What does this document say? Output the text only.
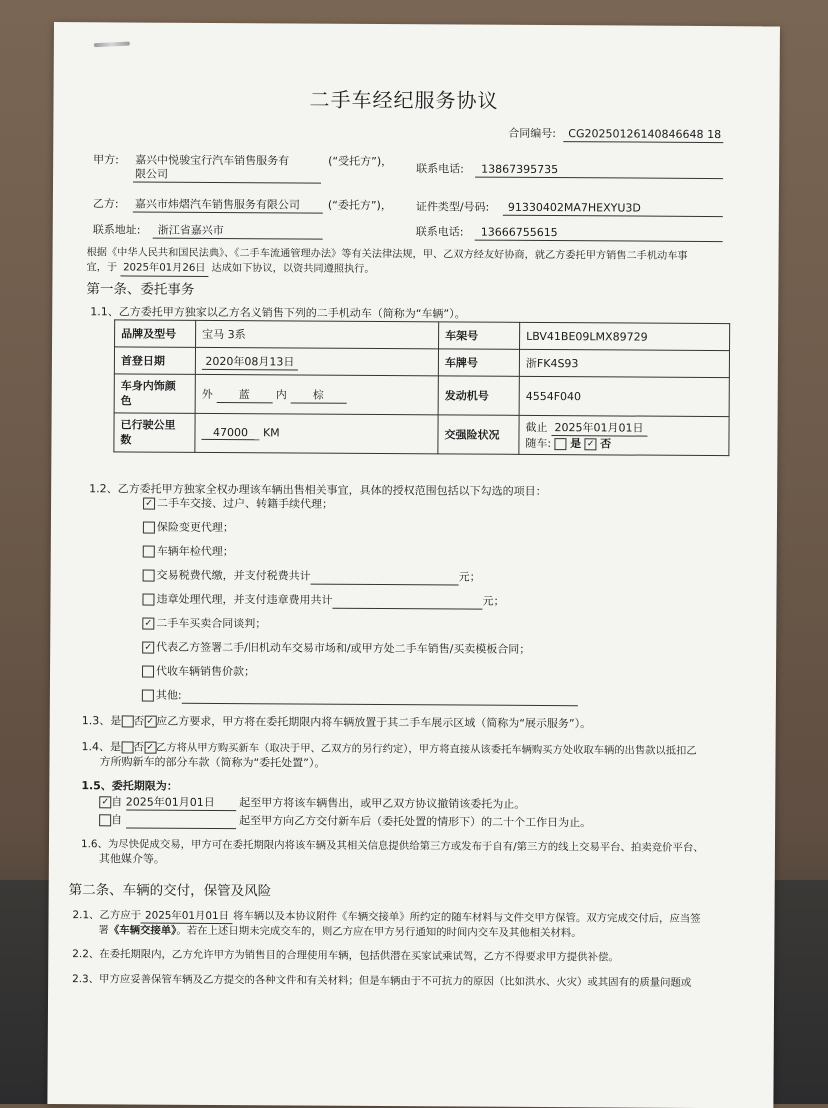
二手车经纪服务协议
合同编号: CG20250126140846648 18
甲方: 嘉兴中悦骏宝行汽车销售服务有	(“受托方”)，
限公司	联系电话: 13867395735
乙方: 嘉兴市炜熠汽车销售服务有限公司	(“委托方”)， 证件类型/号码: 91330402MA7HEXYU3D
联系地址: 浙江省嘉兴市	联系电话: 13666755615
根据《中华人民共和国民法典》、《二手车流通管理办法》等有关法律法规，甲、乙双方经友好协商，就乙方委托甲方销售二手机动车事
宜，于 2025年01月26日 达成如下协议，以资共同遵照执行。
第一条、委托事务
1.1、乙方委托甲方独家以乙方名义销售下列的二手机动车（简称为“车辆”）。
品牌及型号	宝马 3系	车架号	LBV41BE09LMX89729
首登日期	2020年08月13日	车牌号	浙FK4S93
车身内饰颜
色	外 蓝 内 棕	发动机号	4554F040
已行驶公里
数	47000 KM	交强险状况	截止 2025年01月01日
随车: 是 ✓ 否
1.2、乙方委托甲方独家全权办理该车辆出售相关事宜，具体的授权范围包括以下勾选的项目：
✓ 二手车交接、过户、转籍手续代理；
保险变更代理；
车辆年检代理；
交易税费代缴，并支付税费共计	元；
违章处理代理，并支付违章费用共计	元；
✓ 二手车买卖合同谈判；
✓ 代表乙方签署二手/旧机动车交易市场和/或甲方处二手车销售/买卖模板合同；
代收车辆销售价款；
其他:
1.3、是 否 ✓ 应乙方要求，甲方将在委托期限内将车辆放置于其二手车展示区域（简称为“展示服务”）。
1.4、是 否 ✓ 乙方将从甲方购买新车（取决于甲、乙双方的另行约定），甲方将直接从该委托车辆购买方处收取车辆的出售款以抵扣乙
方所购新车的部分车款（简称为“委托处置”）。
1.5、委托期限为：
✓ 自 2025年01月01日 起至甲方将该车辆售出，或甲乙双方协议撤销该委托为止。
自	起至甲方向乙方交付新车后（委托处置的情形下）的二十个工作日为止。
1.6、为尽快促成交易，甲方可在委托期限内将该车辆及其相关信息提供给第三方或发布于自有/第三方的线上交易平台、拍卖竞价平台、
其他媒介等。
第二条、车辆的交付，保管及风险
2.1、乙方应于 2025年01月01日 将车辆以及本协议附件《车辆交接单》所约定的随车材料与文件交甲方保管。双方完成交付后，应当签
署《车辆交接单》。若在上述日期未完成交车的，则乙方应在甲方另行通知的时间内交车及其他相关材料。
2.2、在委托期限内，乙方允许甲方为销售目的合理使用车辆，包括供潜在买家试乘试驾，乙方不得要求甲方提供补偿。
2.3、甲方应妥善保管车辆及乙方提交的各种文件和有关材料；但是车辆由于不可抗力的原因（比如洪水、火灾）或其固有的质量问题或
